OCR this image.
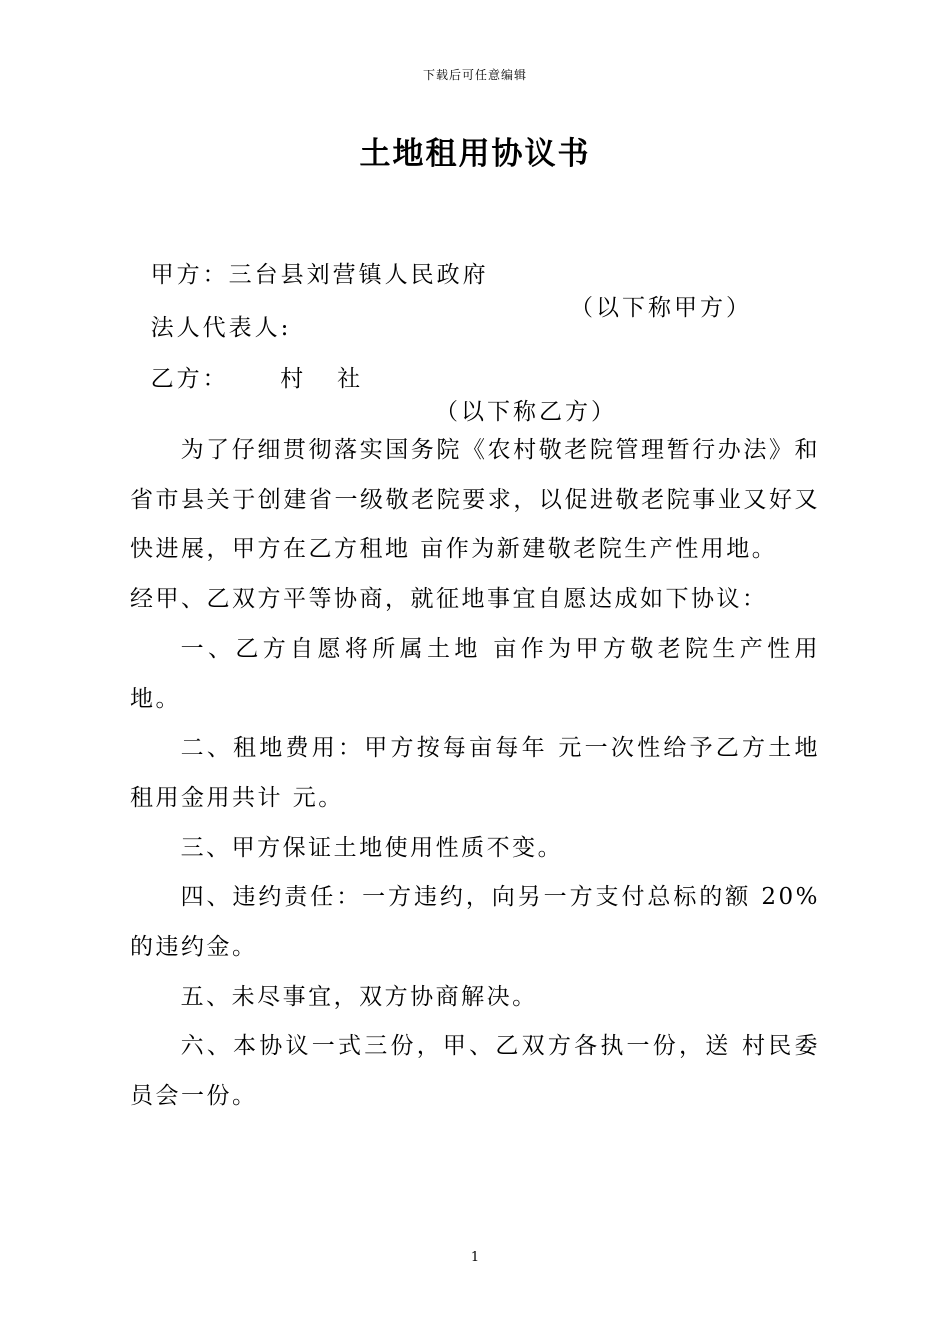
下载后可任意编辑
土地租用协议书

甲方：三台县刘营镇人民政府

（以下称甲方）

法人代表人:

乙方：     村   社

（以下称乙方）

为了仔细贯彻落实国务院《农村敬老院管理暂行办法》和省市县关于创建省一级敬老院要求，以促进敬老院事业又好又快进展，甲方在乙方租地 亩作为新建敬老院生产性用地。

经甲、乙双方平等协商，就征地事宜自愿达成如下协议：

一、乙方自愿将所属土地 亩作为甲方敬老院生产性用地。

二、租地费用：甲方按每亩每年 元一次性给予乙方土地租用金用共计 元。

三、甲方保证土地使用性质不变。

四、违约责任：一方违约，向另一方支付总标的额 20%的违约金。

五、未尽事宜，双方协商解决。

六、本协议一式三份，甲、乙双方各执一份，送 村民委员会一份。

1
